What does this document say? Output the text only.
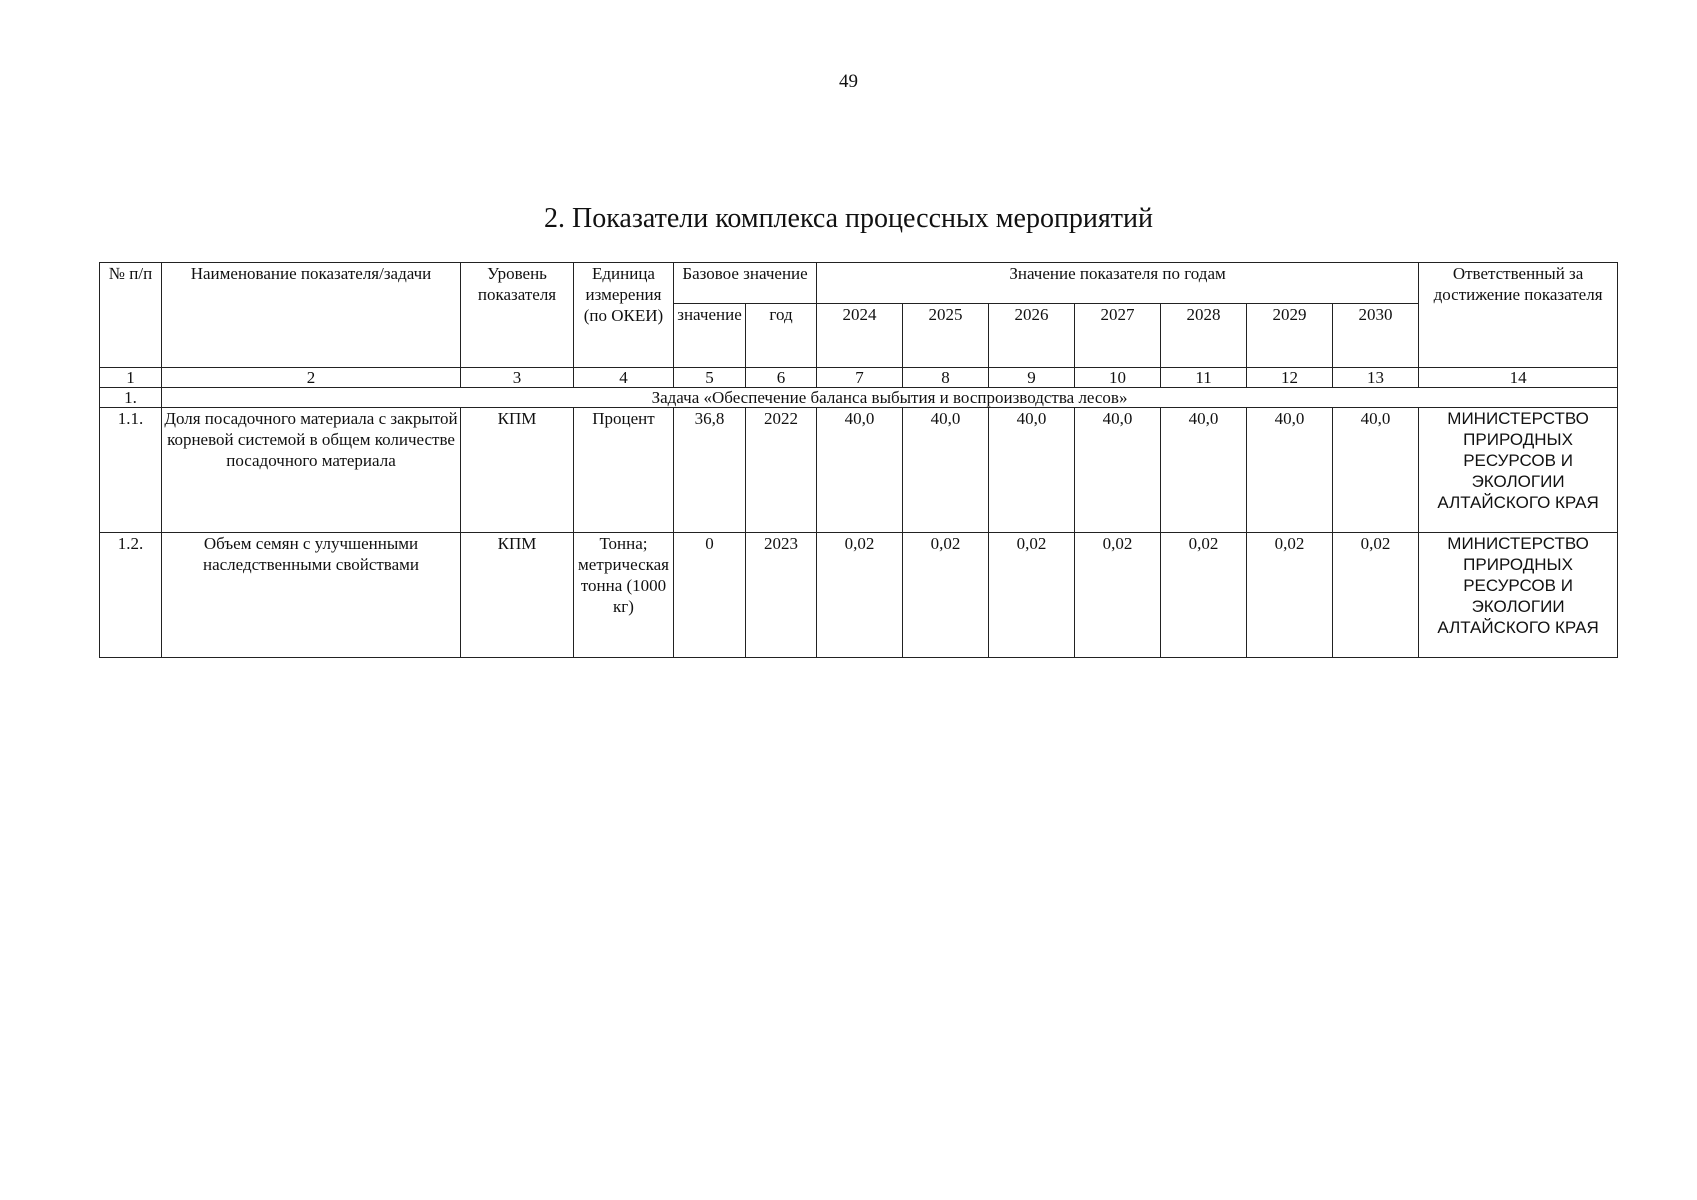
49
2. Показатели комплекса процессных мероприятий
№ п/п	Наименование показателя/задачи	Уровень показателя	Единица измерения (по ОКЕИ)	Базовое значение		Значение показателя по годам							Ответственный за достижение показателя
				значение	год	2024	2025	2026	2027	2028	2029	2030	
1	2	3	4	5	6	7	8	9	10	11	12	13	14
1.	Задача «Обеспечение баланса выбытия и воспроизводства лесов»												
1.1.	Доля посадочного материала с закрытой корневой системой в общем количестве посадочного материала	КПМ	Процент	36,8	2022	40,0	40,0	40,0	40,0	40,0	40,0	40,0	МИНИСТЕРСТВО ПРИРОДНЫХ РЕСУРСОВ И ЭКОЛОГИИ АЛТАЙСКОГО КРАЯ
1.2.	Объем семян с улучшенными наследственными свойствами	КПМ	Тонна; метрическая тонна (1000 кг)	0	2023	0,02	0,02	0,02	0,02	0,02	0,02	0,02	МИНИСТЕРСТВО ПРИРОДНЫХ РЕСУРСОВ И ЭКОЛОГИИ АЛТАЙСКОГО КРАЯ
